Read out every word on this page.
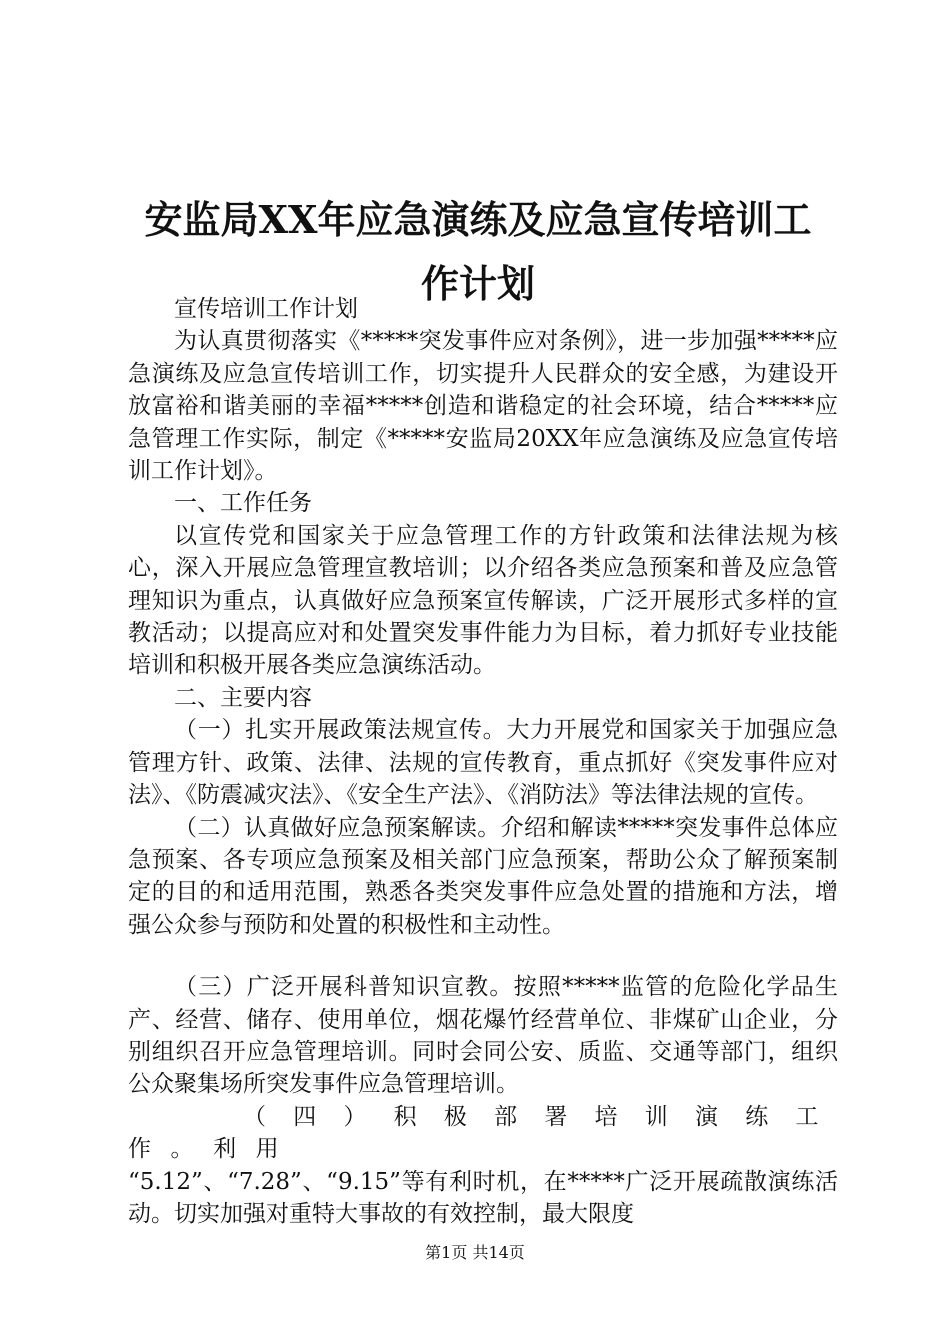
安监局XX年应急演练及应急宣传培训工作计划

宣传培训工作计划

为认真贯彻落实《*****突发事件应对条例》，进一步加强*****应急演练及应急宣传培训工作，切实提升人民群众的安全感，为建设开放富裕和谐美丽的幸福*****创造和谐稳定的社会环境，结合*****应急管理工作实际，制定《*****安监局20XX年应急演练及应急宣传培训工作计划》。

一、工作任务

以宣传党和国家关于应急管理工作的方针政策和法律法规为核心，深入开展应急管理宣教培训；以介绍各类应急预案和普及应急管理知识为重点，认真做好应急预案宣传解读，广泛开展形式多样的宣教活动；以提高应对和处置突发事件能力为目标，着力抓好专业技能培训和积极开展各类应急演练活动。

二、主要内容

（一）扎实开展政策法规宣传。大力开展党和国家关于加强应急管理方针、政策、法律、法规的宣传教育，重点抓好《突发事件应对法》、《防震减灾法》、《安全生产法》、《消防法》等法律法规的宣传。

（二）认真做好应急预案解读。介绍和解读*****突发事件总体应急预案、各专项应急预案及相关部门应急预案，帮助公众了解预案制定的目的和适用范围，熟悉各类突发事件应急处置的措施和方法，增强公众参与预防和处置的积极性和主动性。

（三）广泛开展科普知识宣教。按照*****监管的危险化学品生产、经营、储存、使用单位，烟花爆竹经营单位、非煤矿山企业，分别组织召开应急管理培训。同时会同公安、质监、交通等部门，组织公众聚集场所突发事件应急管理培训。

（四）积极部署培训演练工作。利用

“5.12”、“7.28”、“9.15”等有利时机，在*****广泛开展疏散演练活动。切实加强对重特大事故的有效控制，最大限度

第1页 共14页
